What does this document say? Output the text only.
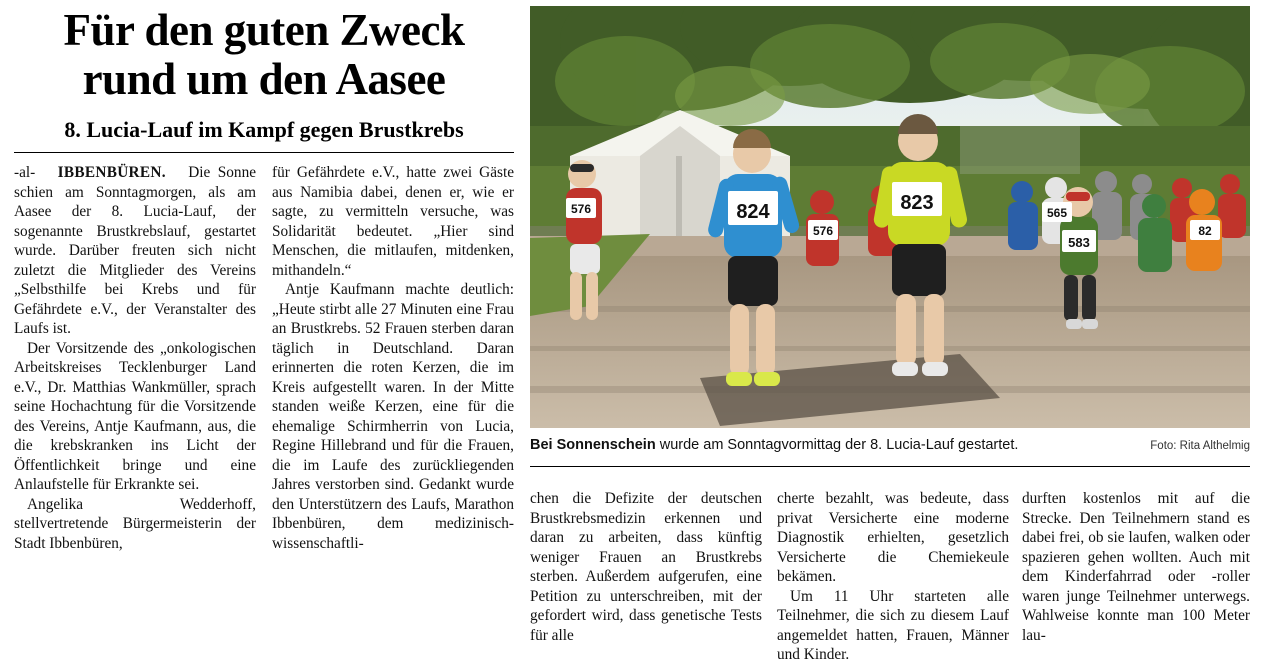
Für den guten Zweck
rund um den Aasee
8. Lucia-Lauf im Kampf gegen Brustkrebs

-al- IBBENBÜREN. Die Sonne schien am Sonntagmorgen, als am Aasee der 8. Lucia-Lauf, der sogenannte Brustkrebslauf, gestartet wurde. Darüber freuten sich nicht zuletzt die Mitglieder des Vereins „Selbsthilfe bei Krebs und für Gefährdete e.V., der Veranstalter des Laufs ist.

Der Vorsitzende des „onkologischen Arbeitskreises Tecklenburger Land e.V., Dr. Matthias Wankmüller, sprach seine Hochachtung für die Vorsitzende des Vereins, Antje Kaufmann, aus, die die krebskranken ins Licht der Öffentlichkeit bringe und eine Anlaufstelle für Erkrankte sei.

Angelika Wedderhoff, stellvertretende Bürgermeisterin der Stadt Ibbenbüren,

für Gefährdete e.V., hatte zwei Gäste aus Namibia dabei, denen er, wie er sagte, zu vermitteln versuche, was Solidarität bedeutet. „Hier sind Menschen, die mitlaufen, mitdenken, mithandeln.“

Antje Kaufmann machte deutlich: „Heute stirbt alle 27 Minuten eine Frau an Brustkrebs. 52 Frauen sterben daran täglich in Deutschland. Daran erinnerten die roten Kerzen, die im Kreis aufgestellt waren. In der Mitte standen weiße Kerzen, eine für die ehemalige Schirmherrin von Lucia, Regine Hillebrand und für die Frauen, die im Laufe des zurückliegenden Jahres verstorben sind. Gedankt wurde den Unterstützern des Laufs, Marathon Ibbenbüren, dem medizinisch-wissenschaftli-

824	823
576
576
565
583
82
Bei Sonnenschein wurde am Sonntagvormittag der 8. Lucia-Lauf gestartet.	Foto: Rita Althelmig

chen die Defizite der deutschen Brustkrebsmedizin erkennen und daran zu arbeiten, dass künftig weniger Frauen an Brustkrebs sterben. Außerdem aufgerufen, eine Petition zu unterschreiben, mit der gefordert wird, dass genetische Tests für alle

cherte bezahlt, was bedeute, dass privat Versicherte eine moderne Diagnostik erhielten, gesetzlich Versicherte die Chemiekeule bekämen.

Um 11 Uhr starteten alle Teilnehmer, die sich zu diesem Lauf angemeldet hatten, Frauen, Männer und Kinder.

durften kostenlos mit auf die Strecke. Den Teilnehmern stand es dabei frei, ob sie laufen, walken oder spazieren gehen wollten. Auch mit dem Kinderfahrrad oder -roller waren junge Teilnehmer unterwegs. Wahlweise konnte man 100 Meter lau-
